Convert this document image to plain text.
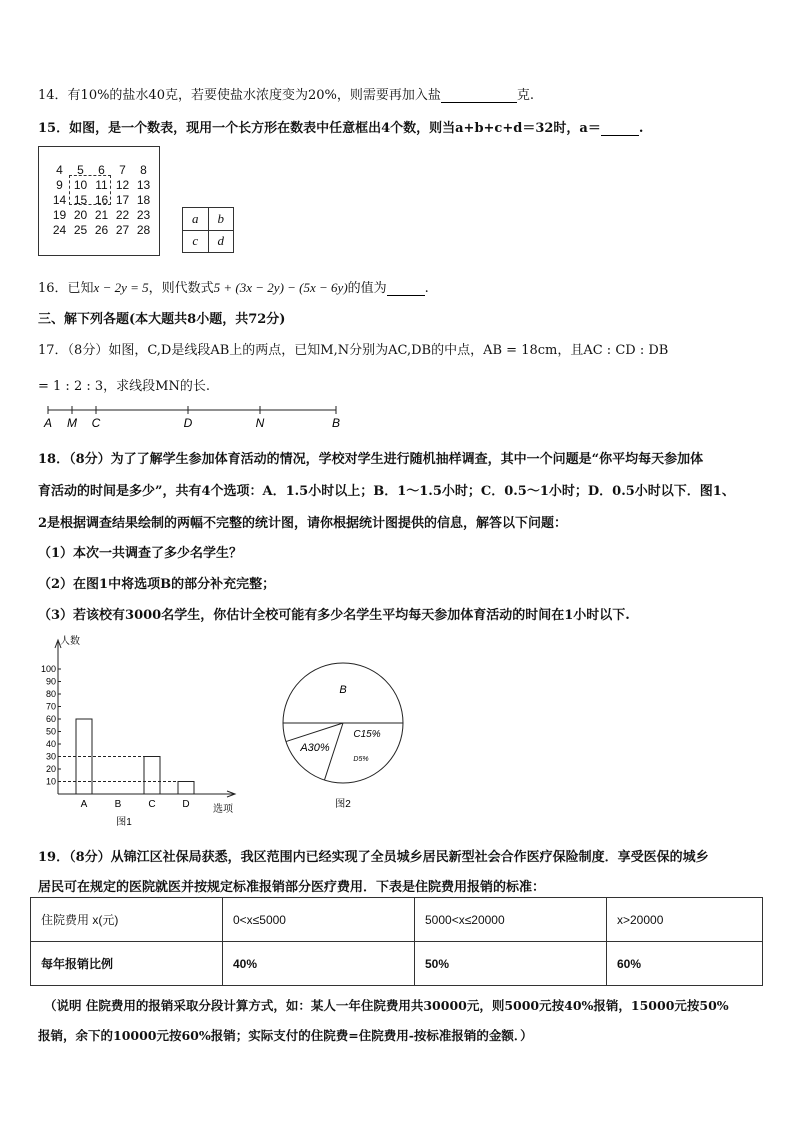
14．有10%的盐水40克，若要使盐水浓度变为20%，则需要再加入盐	克.
15．如图，是一个数表，现用一个长方形在数表中任意框出4个数，则当a+b+c+d＝32时，a＝	.
4 5 6 7 8
9 10 11 12 13
14 15 16 17 18
19 20 21 22 23
24 25 26 27 28
a	b
c	d
16．已知x − 2y = 5，则代数式5 + (3x − 2y) − (5x − 6y)的值为	.
三、解下列各题(本大题共8小题，共72分)
17．（8分）如图，C,D是线段AB上的两点，已知M,N分别为AC,DB的中点，AB = 18cm，且AC : CD : DB
= 1 : 2 : 3，求线段MN的长.
A M C	D	N	B
18．（8分）为了了解学生参加体育活动的情况，学校对学生进行随机抽样调查，其中一个问题是“你平均每天参加体
育活动的时间是多少”，共有4个选项：A．1.5小时以上；B．1～1.5小时；C．0.5～1小时；D．0.5小时以下．图1、
2是根据调查结果绘制的两幅不完整的统计图，请你根据统计图提供的信息，解答以下问题：
（1）本次一共调查了多少名学生？
（2）在图1中将选项B的部分补充完整；
（3）若该校有3000名学生，你估计全校可能有多少名学生平均每天参加体育活动的时间在1小时以下.
人数
选项
图1
10
20
30
40
50
60
70
80
90
100
A	B	C	D
B
A30%
C15%
D5%
图2
19．（8分）从锦江区社保局获悉，我区范围内已经实现了全员城乡居民新型社会合作医疗保险制度．享受医保的城乡
居民可在规定的医院就医并按规定标准报销部分医疗费用．下表是住院费用报销的标准：
住院费用 x(元)	0<x≤5000	5000<x≤20000	x>20000
每年报销比例	40%	50%	60%
（说明 住院费用的报销采取分段计算方式，如：某人一年住院费用共30000元，则5000元按40%报销，15000元按50%
报销，余下的10000元按60%报销；实际支付的住院费=住院费用-按标准报销的金额．）
